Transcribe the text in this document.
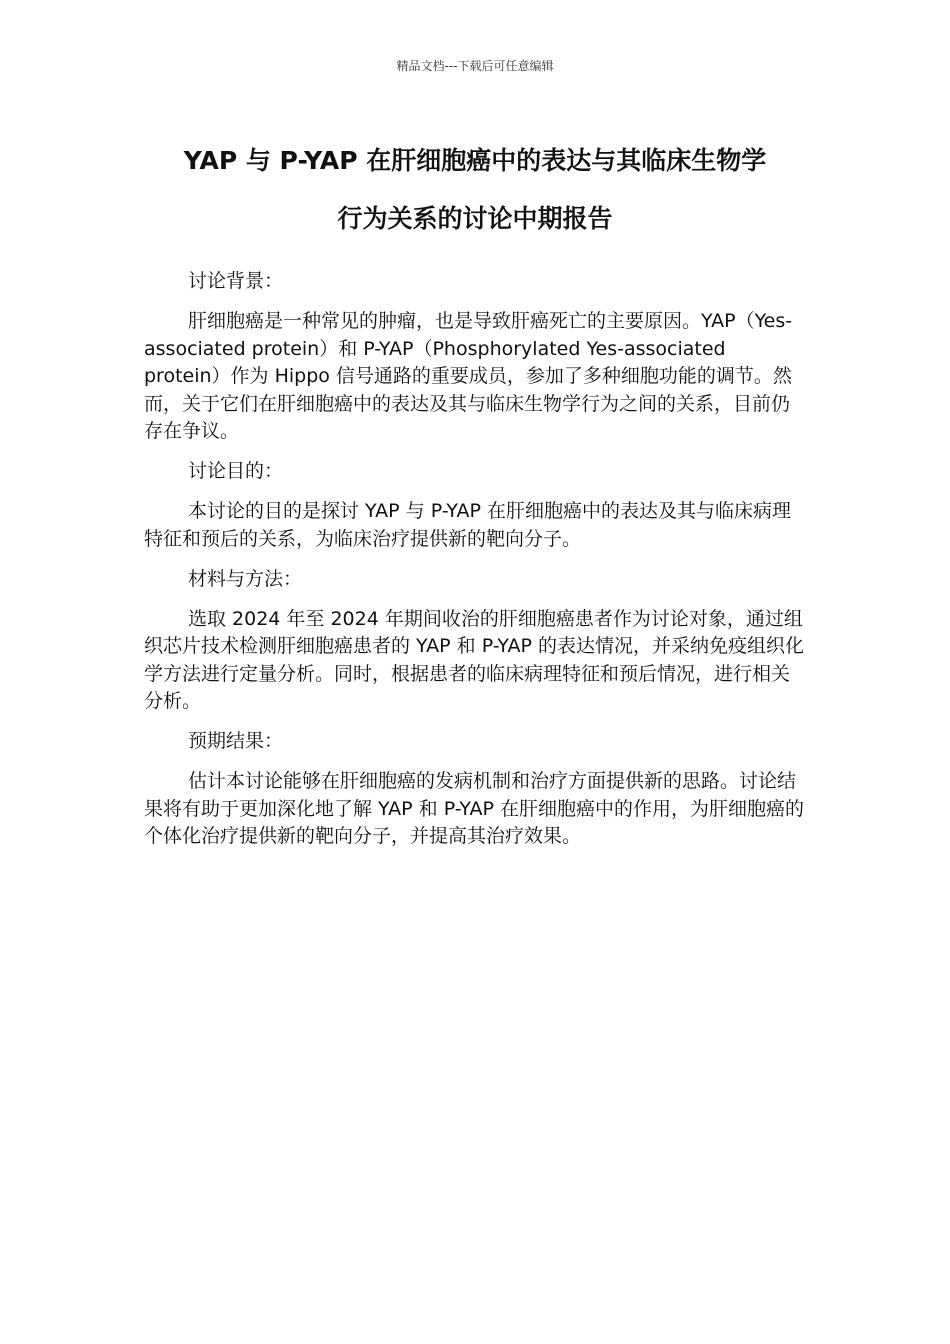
精品文档---下载后可任意编辑
YAP 与 P-YAP 在肝细胞癌中的表达与其临床生物学
行为关系的讨论中期报告

讨论背景：

肝细胞癌是一种常见的肿瘤，也是导致肝癌死亡的主要原因。YAP（Yes-associated protein）和 P-YAP（Phosphorylated Yes-associated protein）作为 Hippo 信号通路的重要成员，参加了多种细胞功能的调节。然而，关于它们在肝细胞癌中的表达及其与临床生物学行为之间的关系，目前仍存在争议。

讨论目的：

本讨论的目的是探讨 YAP 与 P-YAP 在肝细胞癌中的表达及其与临床病理特征和预后的关系，为临床治疗提供新的靶向分子。

材料与方法：

选取 2024 年至 2024 年期间收治的肝细胞癌患者作为讨论对象，通过组织芯片技术检测肝细胞癌患者的 YAP 和 P-YAP 的表达情况，并采纳免疫组织化学方法进行定量分析。同时，根据患者的临床病理特征和预后情况，进行相关分析。

预期结果：

估计本讨论能够在肝细胞癌的发病机制和治疗方面提供新的思路。讨论结果将有助于更加深化地了解 YAP 和 P-YAP 在肝细胞癌中的作用，为肝细胞癌的个体化治疗提供新的靶向分子，并提高其治疗效果。
